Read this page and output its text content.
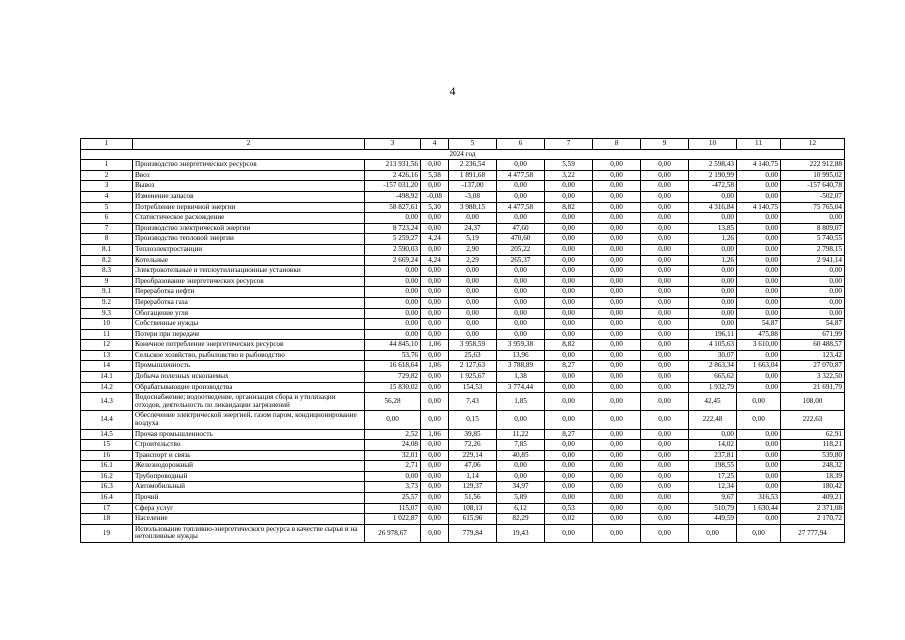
4
1	2	3	4	5	6	7	8	9	10	11	12
2024 год											
1	Производство энергетических ресурсов	213 931,56	0,00	2 236,54	0,00	5,59	0,00	0,00	2 598,43	4 140,75	222 912,88
2	Ввоз	2 426,16	5,38	1 891,68	4 477,58	3,22	0,00	0,00	2 190,99	0,00	10 995,02
3	Вывоз	-157 031,20	0,00	-137,00	0,00	0,00	0,00	0,00	-472,58	0,00	-157 640,78
4	Изменение запасов	-498,92	-0,08	-3,08	0,00	0,00	0,00	0,00	0,00	0,00	-502,07
5	Потребление первичной энергии	58 827,61	5,30	3 988,15	4 477,58	8,82	0,00	0,00	4 316,84	4 140,75	75 765,04
6	Статистическое расхождение	0,00	0,00	0,00	0,00	0,00	0,00	0,00	0,00	0,00	0,00
7	Производство электрической энергии	8 723,24	0,00	24,37	47,60	0,00	0,00	0,00	13,85	0,00	8 809,07
8	Производство тепловой энергии	5 259,27	4,24	5,19	470,60	0,00	0,00	0,00	1,26	0,00	5 740,55
8.1	Теплоэлектростанции	2 590,03	0,00	2,90	205,22	0,00	0,00	0,00	0,00	0,00	2 798,15
8.2	Котельные	2 669,24	4,24	2,29	265,37	0,00	0,00	0,00	1,26	0,00	2 941,14
8.3	Электрокотельные и теплоутилизационные установки	0,00	0,00	0,00	0,00	0,00	0,00	0,00	0,00	0,00	0,00
9	Преобразование энергетических ресурсов	0,00	0,00	0,00	0,00	0,00	0,00	0,00	0,00	0,00	0,00
9.1	Переработка нефти	0,00	0,00	0,00	0,00	0,00	0,00	0,00	0,00	0,00	0,00
9.2	Переработка газа	0,00	0,00	0,00	0,00	0,00	0,00	0,00	0,00	0,00	0,00
9.3	Обогащение угля	0,00	0,00	0,00	0,00	0,00	0,00	0,00	0,00	0,00	0,00
10	Собственные нужды	0,00	0,00	0,00	0,00	0,00	0,00	0,00	0,00	54,87	54,87
11	Потери при передаче	0,00	0,00	0,00	0,00	0,00	0,00	0,00	196,11	475,88	671,99
12	Конечное потребление энергетических ресурсов	44 845,10	1,06	3 958,59	3 959,38	8,82	0,00	0,00	4 105,63	3 610,00	60 488,57
13	Сельское хозяйство, рыболовство и рыбоводство	53,76	0,00	25,63	13,96	0,00	0,00	0,00	30,07	0,00	123,42
14	Промышленность	16 618,64	1,06	2 127,63	3 788,89	8,27	0,00	0,00	2 863,34	1 663,04	27 070,87
14.1	Добыча полезных ископаемых	729,82	0,00	1 925,67	1,38	0,00	0,00	0,00	665,62	0,00	3 322,50
14.2	Обрабатывающие производства	15 830,02	0,00	154,53	3 774,44	0,00	0,00	0,00	1 932,79	0,00	21 691,79
14.3	Водоснабжение; водоотведение, организация сбора и утилизации отходов, деятельность по ликвидации загрязнений	56,28	0,00	7,43	1,85	0,00	0,00	0,00	42,45	0,00	108,00
14.4	Обеспечение электрической энергией, газом паром, кондиционирование воздуха	0,00	0,00	0,15	0,00	0,00	0,00	0,00	222,48	0,00	222,63
14.5	Прочая промышленность	2,52	1,06	39,85	11,22	8,27	0,00	0,00	0,00	0,00	62,91
15	Строительство	24,08	0,00	72,26	7,85	0,00	0,00	0,00	14,02	0,00	118,21
16	Транспорт и связь	32,01	0,00	229,14	40,85	0,00	0,00	0,00	237,81	0,00	539,80
16.1	Железнодорожный	2,71	0,00	47,06	0,00	0,00	0,00	0,00	198,55	0,00	248,32
16.2	Трубопроводный	0,00	0,00	1,14	0,00	0,00	0,00	0,00	17,25	0,00	18,39
16.3	Автомобильный	3,73	0,00	129,37	34,97	0,00	0,00	0,00	12,34	0,00	180,42
16.4	Прочий	25,57	0,00	51,56	5,89	0,00	0,00	0,00	9,67	316,53	409,21
17	Сфера услуг	115,07	0,00	108,13	6,12	0,53	0,00	0,00	510,79	1 630,44	2 371,08
18	Население	1 022,87	0,00	615,96	82,29	0,02	0,00	0,00	449,59	0,00	2 170,72
19	Использование топливно-энергетического ресурса в качестве сырья и на нетопливные нужды	26 978,67	0,00	779,84	19,43	0,00	0,00	0,00	0,00	0,00	27 777,94
